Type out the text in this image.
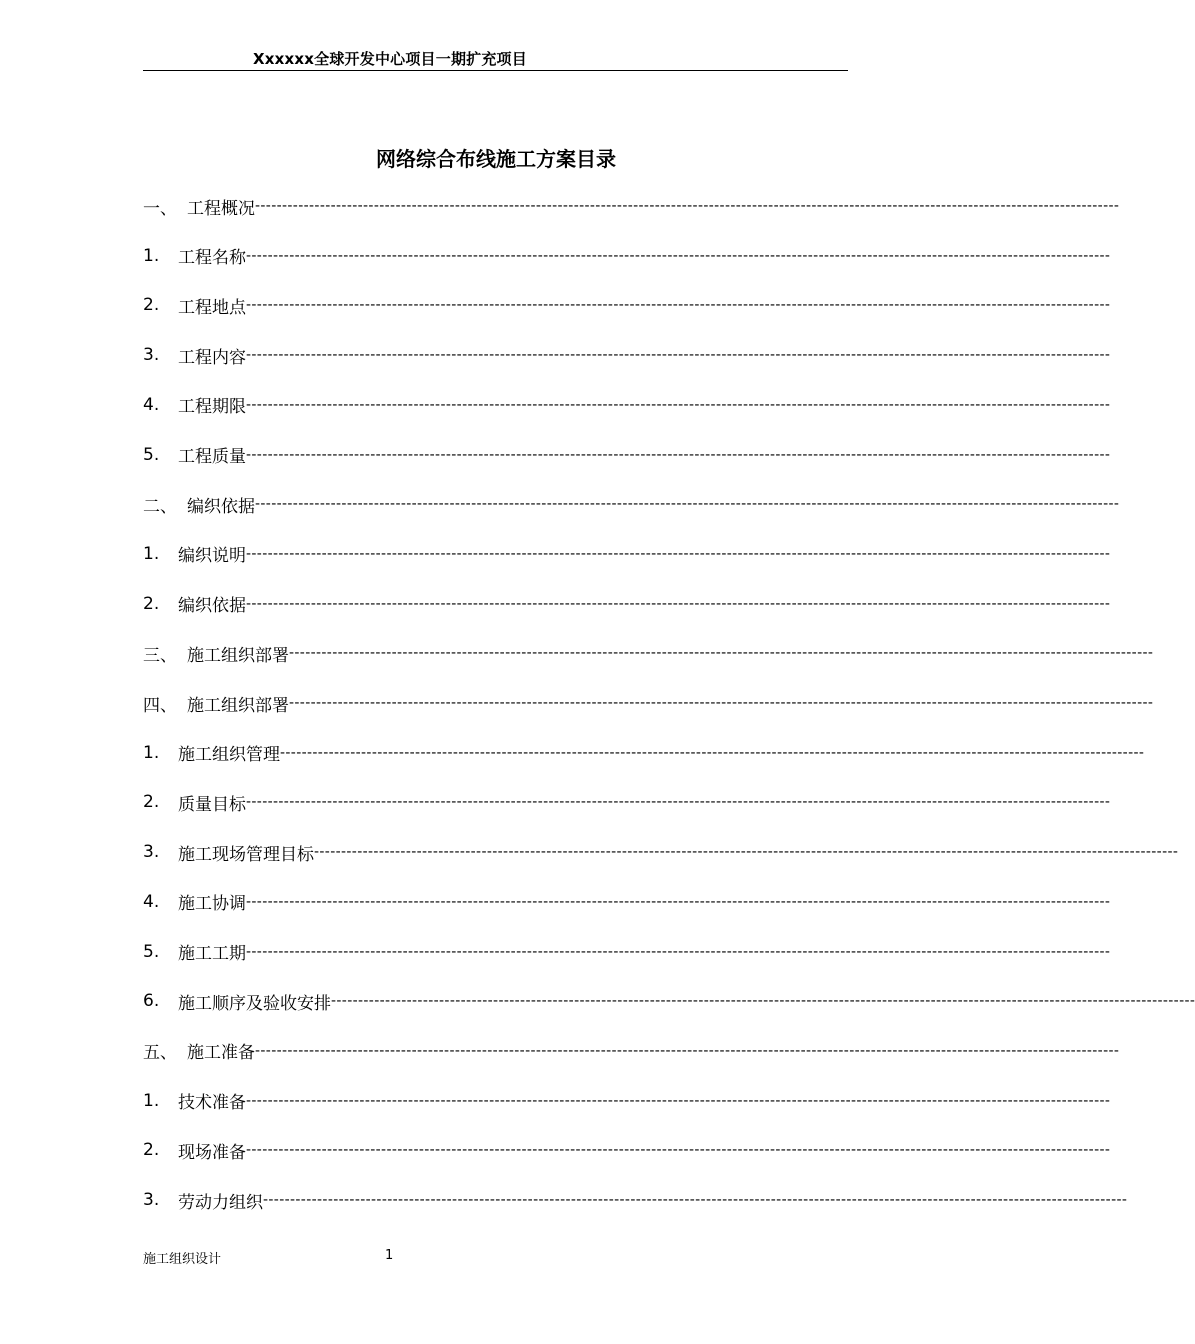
Xxxxxx全球开发中心项目一期扩充项目
网络综合布线施工方案目录
一、 工程概况 ----------------------------------------------------------------------------------------------------------------------------------------------------------------
1.	工程名称 ----------------------------------------------------------------------------------------------------------------------------------------------------------------
2.	工程地点 ----------------------------------------------------------------------------------------------------------------------------------------------------------------
3.	工程内容 ----------------------------------------------------------------------------------------------------------------------------------------------------------------
4.	工程期限 ----------------------------------------------------------------------------------------------------------------------------------------------------------------
5.	工程质量 ----------------------------------------------------------------------------------------------------------------------------------------------------------------
二、 编织依据 ----------------------------------------------------------------------------------------------------------------------------------------------------------------
1.	编织说明 ----------------------------------------------------------------------------------------------------------------------------------------------------------------
2.	编织依据 ----------------------------------------------------------------------------------------------------------------------------------------------------------------
三、 施工组织部署 ----------------------------------------------------------------------------------------------------------------------------------------------------------------
四、 施工组织部署 ----------------------------------------------------------------------------------------------------------------------------------------------------------------
1.	施工组织管理 ----------------------------------------------------------------------------------------------------------------------------------------------------------------
2.	质量目标 ----------------------------------------------------------------------------------------------------------------------------------------------------------------
3.	施工现场管理目标 ----------------------------------------------------------------------------------------------------------------------------------------------------------------
4.	施工协调 ----------------------------------------------------------------------------------------------------------------------------------------------------------------
5.	施工工期 ----------------------------------------------------------------------------------------------------------------------------------------------------------------
6.	施工顺序及验收安排 ----------------------------------------------------------------------------------------------------------------------------------------------------------------
五、 施工准备 ----------------------------------------------------------------------------------------------------------------------------------------------------------------
1.	技术准备 ----------------------------------------------------------------------------------------------------------------------------------------------------------------
2.	现场准备 ----------------------------------------------------------------------------------------------------------------------------------------------------------------
3.	劳动力组织 ----------------------------------------------------------------------------------------------------------------------------------------------------------------
施工组织设计	1
